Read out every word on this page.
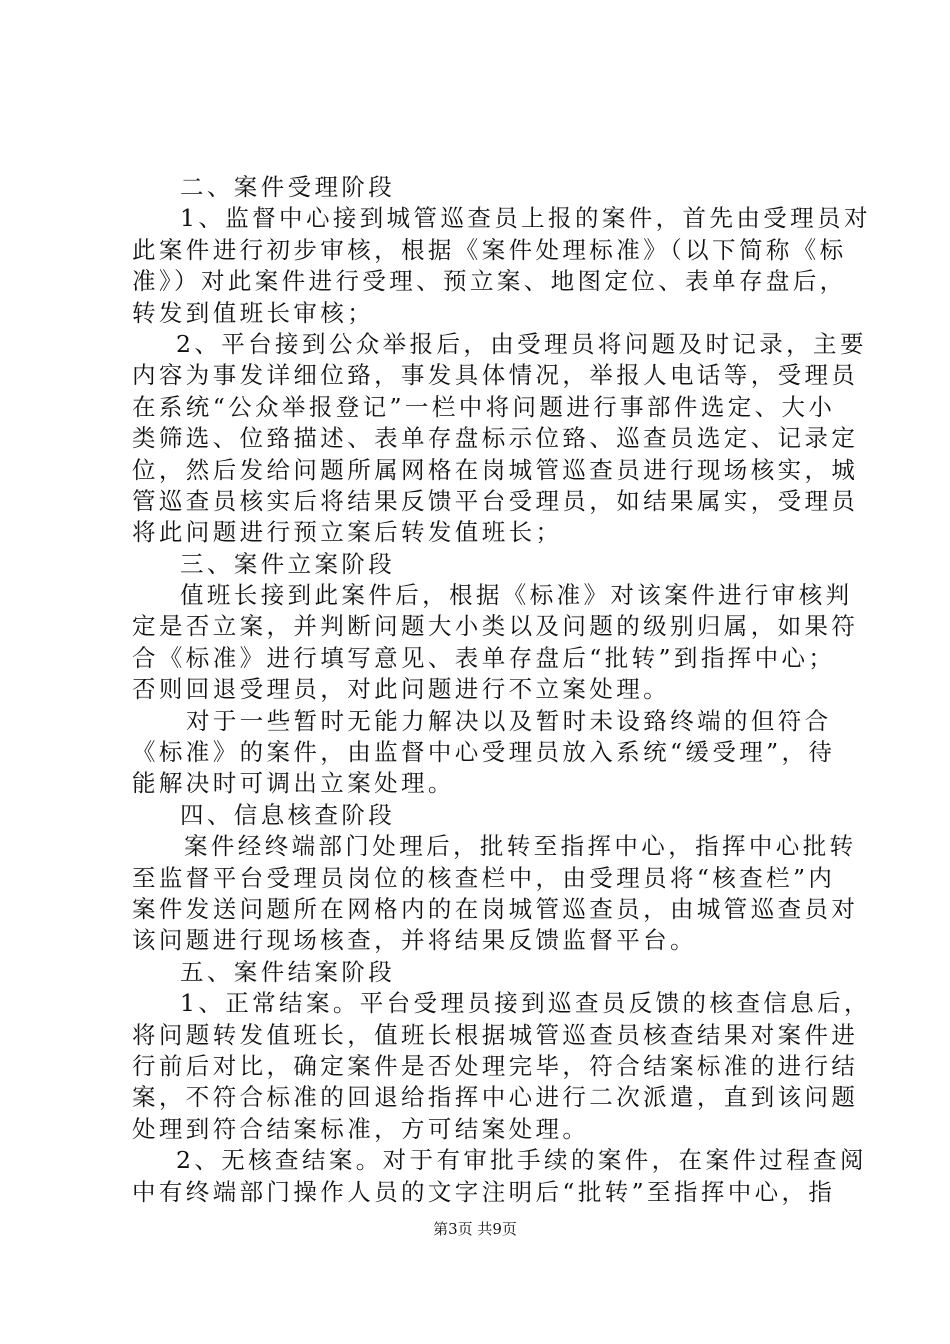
二、案件受理阶段
1、监督中心接到城管巡查员上报的案件，首先由受理员对
此案件进行初步审核，根据《案件处理标准》（以下简称《标
准》）对此案件进行受理、预立案、地图定位、表单存盘后，
转发到值班长审核；
2、平台接到公众举报后，由受理员将问题及时记录，主要
内容为事发详细位臵，事发具体情况，举报人电话等，受理员
在系统“公众举报登记”一栏中将问题进行事部件选定、大小
类筛选、位臵描述、表单存盘标示位臵、巡查员选定、记录定
位，然后发给问题所属网格在岗城管巡查员进行现场核实，城
管巡查员核实后将结果反馈平台受理员，如结果属实，受理员
将此问题进行预立案后转发值班长；
三、案件立案阶段
值班长接到此案件后，根据《标准》对该案件进行审核判
定是否立案，并判断问题大小类以及问题的级别归属，如果符
合《标准》进行填写意见、表单存盘后“批转”到指挥中心；
否则回退受理员，对此问题进行不立案处理。
对于一些暂时无能力解决以及暂时未设臵终端的但符合
《标准》的案件，由监督中心受理员放入系统“缓受理”，待
能解决时可调出立案处理。
四、信息核查阶段
案件经终端部门处理后，批转至指挥中心，指挥中心批转
至监督平台受理员岗位的核查栏中，由受理员将“核查栏”内
案件发送问题所在网格内的在岗城管巡查员，由城管巡查员对
该问题进行现场核查，并将结果反馈监督平台。
五、案件结案阶段
1、正常结案。平台受理员接到巡查员反馈的核查信息后，
将问题转发值班长，值班长根据城管巡查员核查结果对案件进
行前后对比，确定案件是否处理完毕，符合结案标准的进行结
案，不符合标准的回退给指挥中心进行二次派遣，直到该问题
处理到符合结案标准，方可结案处理。
2、无核查结案。对于有审批手续的案件，在案件过程查阅
中有终端部门操作人员的文字注明后“批转”至指挥中心，指
第3页 共9页
